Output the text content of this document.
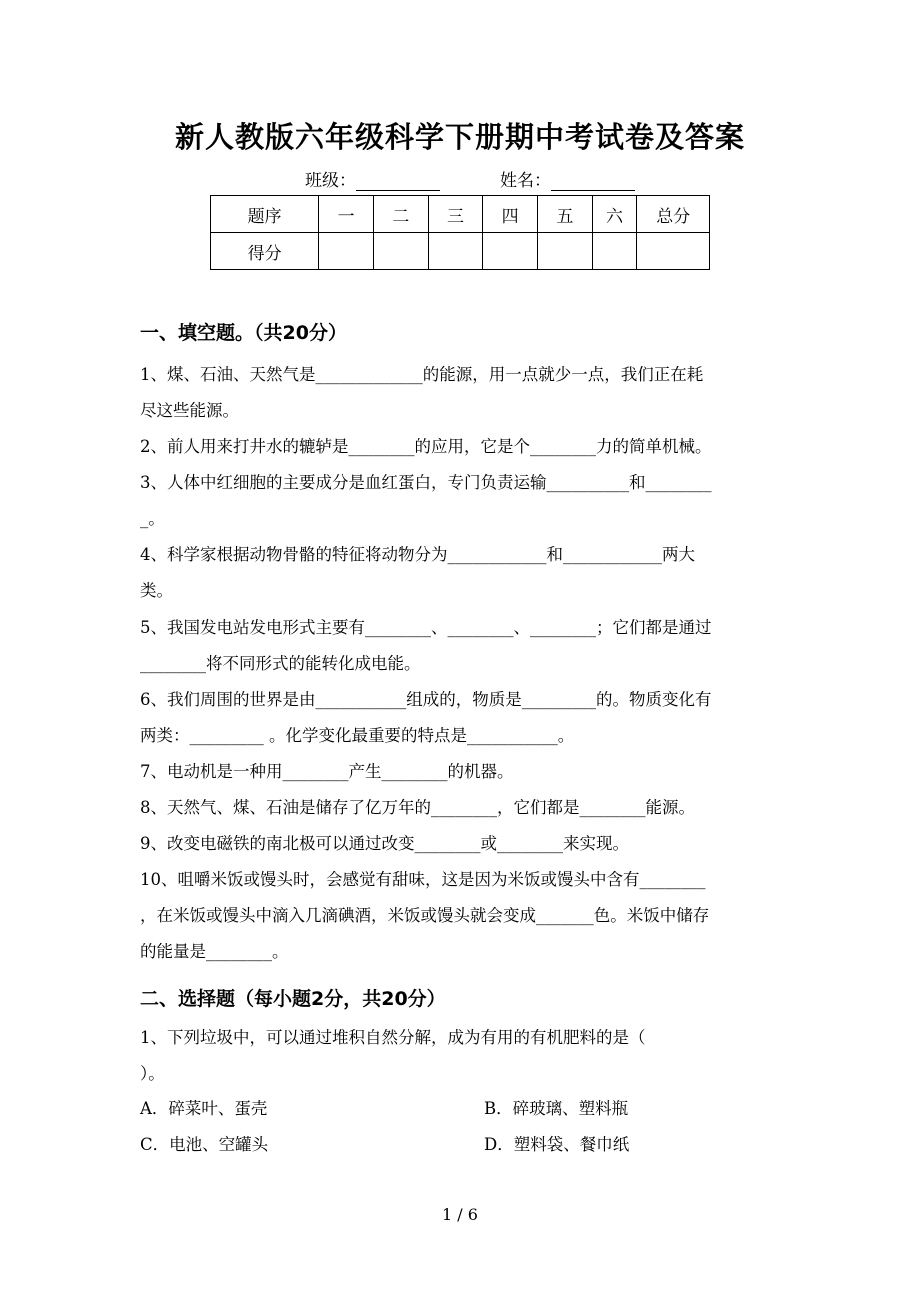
新人教版六年级科学下册期中考试卷及答案
班级：	姓名：
题序	一	二	三	四	五	六	总分
得分							
一、填空题。（共20分）
1、煤、石油、天然气是_____________的能源，用一点就少一点，我们正在耗
尽这些能源。
2、前人用来打井水的辘轳是________的应用，它是个________力的简单机械。
3、人体中红细胞的主要成分是血红蛋白，专门负责运输__________和________
_。
4、科学家根据动物骨骼的特征将动物分为____________和____________两大
类。
5、我国发电站发电形式主要有________、________、________；它们都是通过
________将不同形式的能转化成电能。
6、我们周围的世界是由___________组成的，物质是_________的。物质变化有
两类：_________ 。化学变化最重要的特点是___________。
7、电动机是一种用________产生________的机器。
8、天然气、煤、石油是储存了亿万年的________，它们都是________能源。
9、改变电磁铁的南北极可以通过改变________或________来实现。
10、咀嚼米饭或馒头时，会感觉有甜味，这是因为米饭或馒头中含有________
，在米饭或馒头中滴入几滴碘酒，米饭或馒头就会变成_______色。米饭中储存
的能量是________。
二、选择题（每小题2分，共20分）
1、下列垃圾中，可以通过堆积自然分解，成为有用的有机肥料的是（
）。
A．碎菜叶、蛋壳	B．碎玻璃、塑料瓶
C．电池、空罐头	D．塑料袋、餐巾纸
1 / 6
